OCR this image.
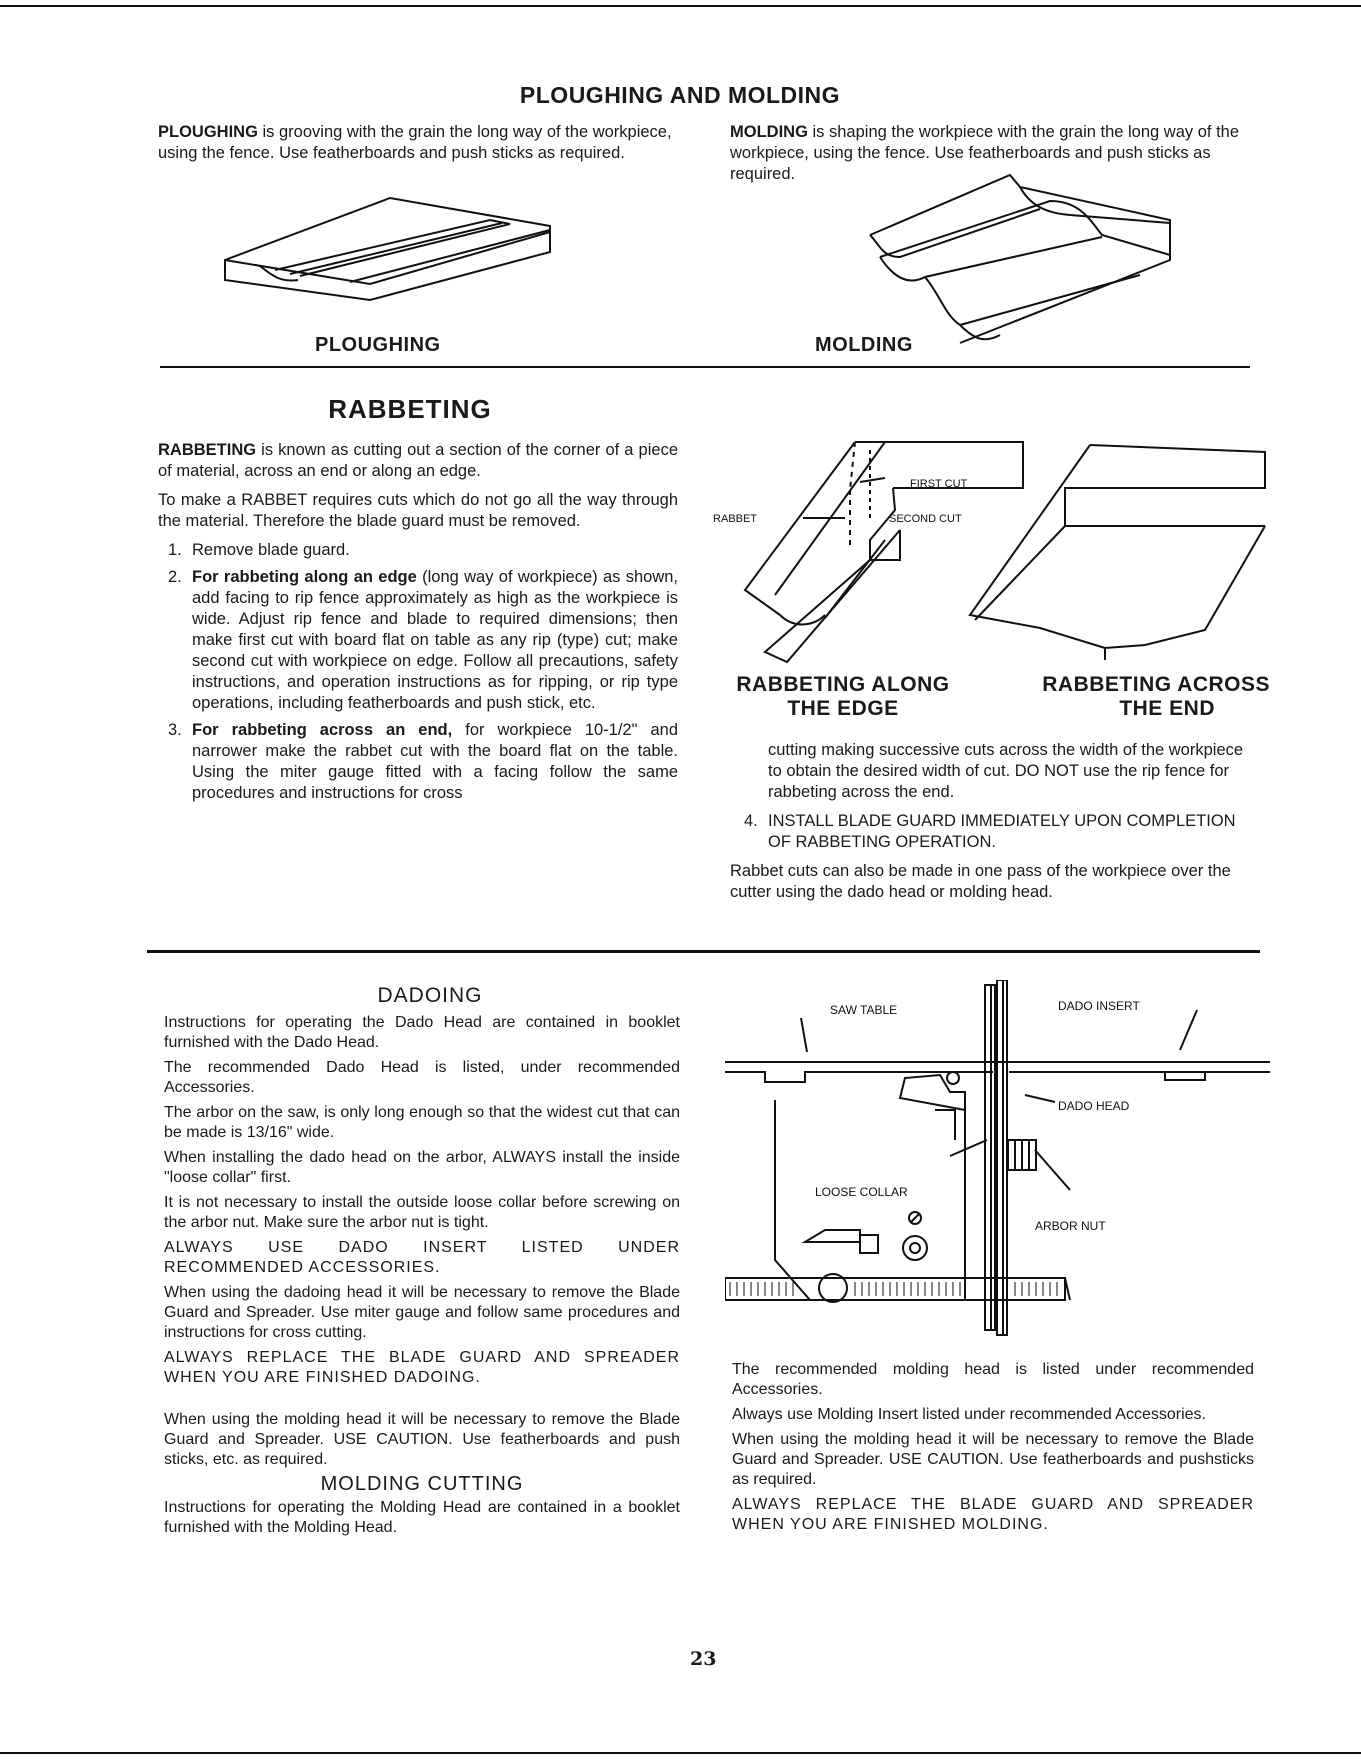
PLOUGHING AND MOLDING

PLOUGHING is grooving with the grain the long way of the workpiece, using the fence. Use featherboards and push sticks as required.

MOLDING is shaping the workpiece with the grain the long way of the workpiece, using the fence. Use featherboards and push sticks as required.

PLOUGHING	MOLDING
RABBETING

RABBETING is known as cutting out a section of the corner of a piece of material, across an end or along an edge.

To make a RABBET requires cuts which do not go all the way through the material. Therefore the blade guard must be removed.

1. Remove blade guard.
2. For rabbeting along an edge (long way of workpiece) as shown, add facing to rip fence approximately as high as the workpiece is wide. Adjust rip fence and blade to required dimensions; then make first cut with board flat on table as any rip (type) cut; make second cut with workpiece on edge. Follow all precautions, safety instructions, and operation instructions as for ripping, or rip type operations, including featherboards and push stick, etc.
3. For rabbeting across an end, for workpiece 10-1/2" and narrower make the rabbet cut with the board flat on the table. Using the miter gauge fitted with a facing follow the same procedures and instructions for cross
FIRST CUT
SECOND CUT
RABBET
RABBETING ALONG
THE EDGE
RABBETING ACROSS
THE END

cutting making successive cuts across the width of the workpiece to obtain the desired width of cut. DO NOT use the rip fence for rabbeting across the end.

4. INSTALL BLADE GUARD IMMEDIATELY UPON COMPLETION OF RABBETING OPERATION.

Rabbet cuts can also be made in one pass of the workpiece over the cutter using the dado head or molding head.

DADOING

Instructions for operating the Dado Head are contained in booklet furnished with the Dado Head.

The recommended Dado Head is listed, under recommended Accessories.

The arbor on the saw, is only long enough so that the widest cut that can be made is 13/16" wide.

When installing the dado head on the arbor, ALWAYS install the inside "loose collar" first.

It is not necessary to install the outside loose collar before screwing on the arbor nut. Make sure the arbor nut is tight.

ALWAYS USE DADO INSERT LISTED UNDER RECOMMENDED ACCESSORIES.

When using the dadoing head it will be necessary to remove the Blade Guard and Spreader. Use miter gauge and follow same procedures and instructions for cross cutting.

ALWAYS REPLACE THE BLADE GUARD AND SPREADER WHEN YOU ARE FINISHED DADOING.

When using the molding head it will be necessary to remove the Blade Guard and Spreader. USE CAUTION. Use featherboards and push sticks, etc. as required.

MOLDING CUTTING

Instructions for operating the Molding Head are contained in a booklet furnished with the Molding Head.

SAW TABLE	DADO INSERT
DADO HEAD
LOOSE COLLAR
ARBOR NUT

The recommended molding head is listed under recommended Accessories.

Always use Molding Insert listed under recommended Accessories.

When using the molding head it will be necessary to remove the Blade Guard and Spreader. USE CAUTION. Use featherboards and pushsticks as required.

ALWAYS REPLACE THE BLADE GUARD AND SPREADER WHEN YOU ARE FINISHED MOLDING.

23
